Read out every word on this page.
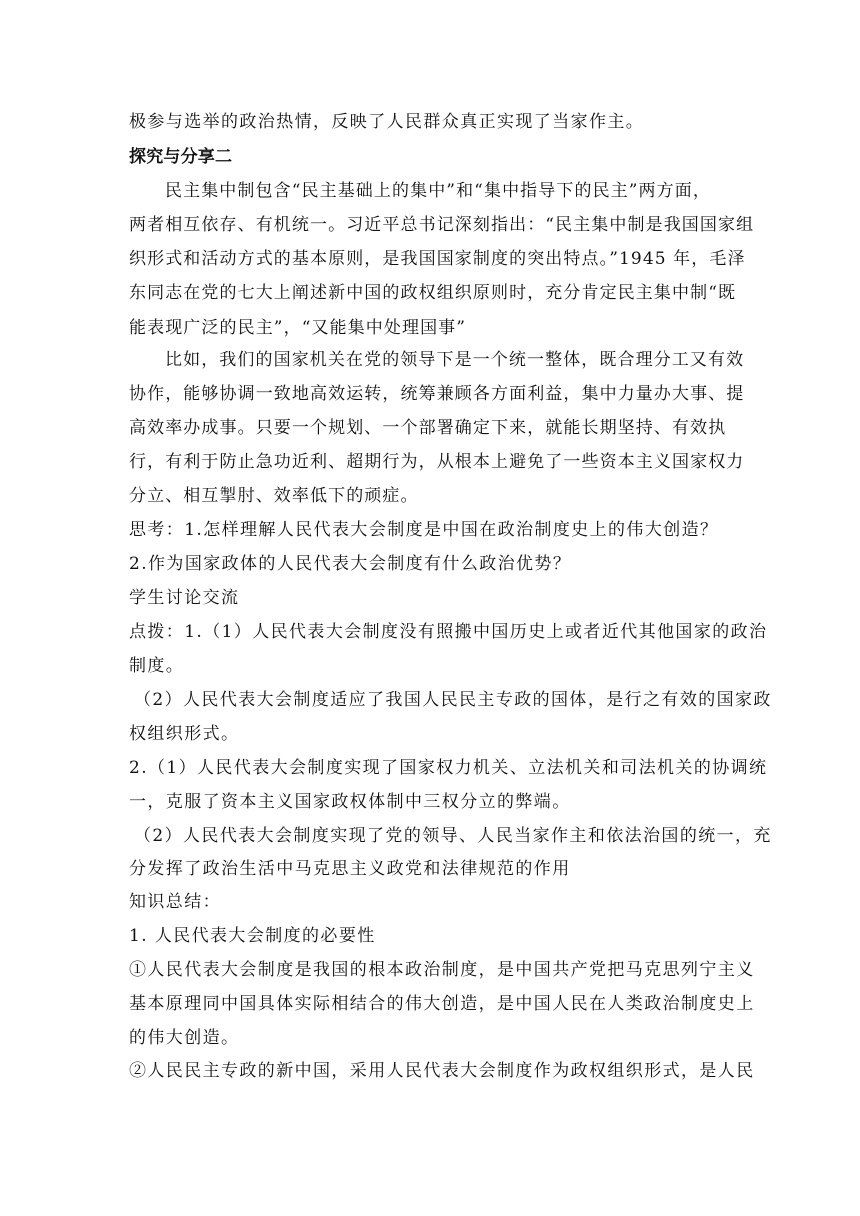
极参与选举的政治热情，反映了人民群众真正实现了当家作主。
探究与分享二
民主集中制包含“民主基础上的集中”和“集中指导下的民主”两方面，
两者相互依存、有机统一。习近平总书记深刻指出：“民主集中制是我国国家组
织形式和活动方式的基本原则，是我国国家制度的突出特点。”1945 年，毛泽
东同志在党的七大上阐述新中国的政权组织原则时，充分肯定民主集中制“既
能表现广泛的民主”，“又能集中处理国事”
比如，我们的国家机关在党的领导下是一个统一整体，既合理分工又有效
协作，能够协调一致地高效运转，统筹兼顾各方面利益，集中力量办大事、提
高效率办成事。只要一个规划、一个部署确定下来，就能长期坚持、有效执
行，有利于防止急功近利、超期行为，从根本上避免了一些资本主义国家权力
分立、相互掣肘、效率低下的顽症。
思考：1.怎样理解人民代表大会制度是中国在政治制度史上的伟大创造？
2.作为国家政体的人民代表大会制度有什么政治优势？
学生讨论交流
点拨：1.（1）人民代表大会制度没有照搬中国历史上或者近代其他国家的政治
制度。
（2）人民代表大会制度适应了我国人民民主专政的国体，是行之有效的国家政
权组织形式。
2.（1）人民代表大会制度实现了国家权力机关、立法机关和司法机关的协调统
一，克服了资本主义国家政权体制中三权分立的弊端。
（2）人民代表大会制度实现了党的领导、人民当家作主和依法治国的统一，充
分发挥了政治生活中马克思主义政党和法律规范的作用
知识总结：
1. 人民代表大会制度的必要性
①人民代表大会制度是我国的根本政治制度，是中国共产党把马克思列宁主义
基本原理同中国具体实际相结合的伟大创造，是中国人民在人类政治制度史上
的伟大创造。
②人民民主专政的新中国，采用人民代表大会制度作为政权组织形式，是人民
